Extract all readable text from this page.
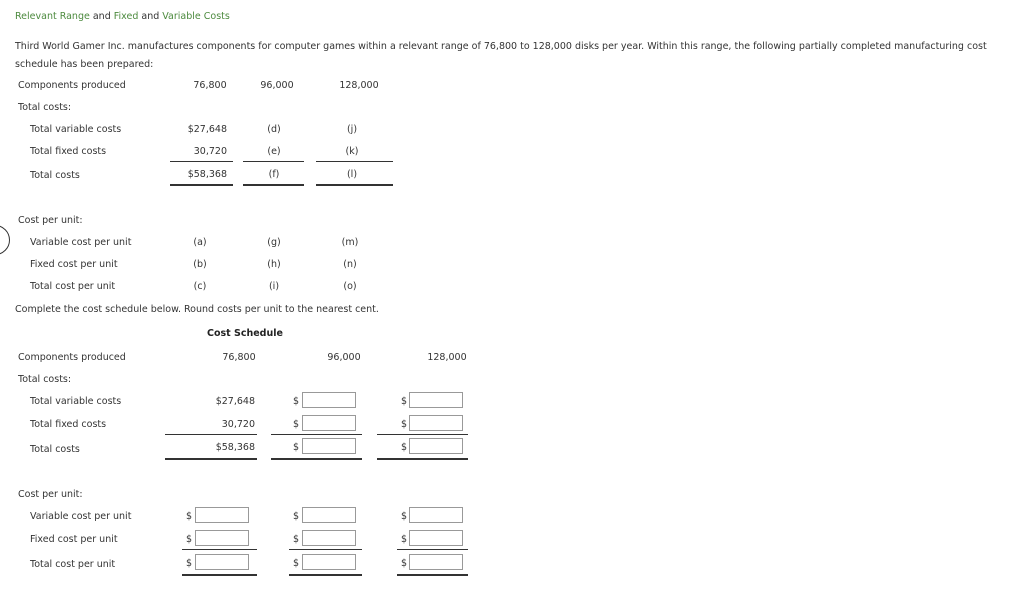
Relevant Range and Fixed and Variable Costs
Third World Gamer Inc. manufactures components for computer games within a relevant range of 76,800 to 128,000 disks per year. Within this range, the following partially completed manufacturing cost schedule has been prepared:
Components produced	76,800	96,000	128,000
Total costs:
Total variable costs	$27,648	(d)	(j)
Total fixed costs	30,720	(e)	(k)
Total costs	$58,368	(f)	(l)
Cost per unit:
Variable cost per unit	(a)	(g)	(m)
Fixed cost per unit	(b)	(h)	(n)
Total cost per unit	(c)	(i)	(o)
Complete the cost schedule below. Round costs per unit to the nearest cent.
Cost Schedule
Components produced	76,800	96,000	128,000
Total costs:
Total variable costs	$27,648	$	$
Total fixed costs	30,720	$	$
Total costs	$58,368	$	$
Cost per unit:
Variable cost per unit	$	$	$
Fixed cost per unit	$	$	$
Total cost per unit	$	$	$
